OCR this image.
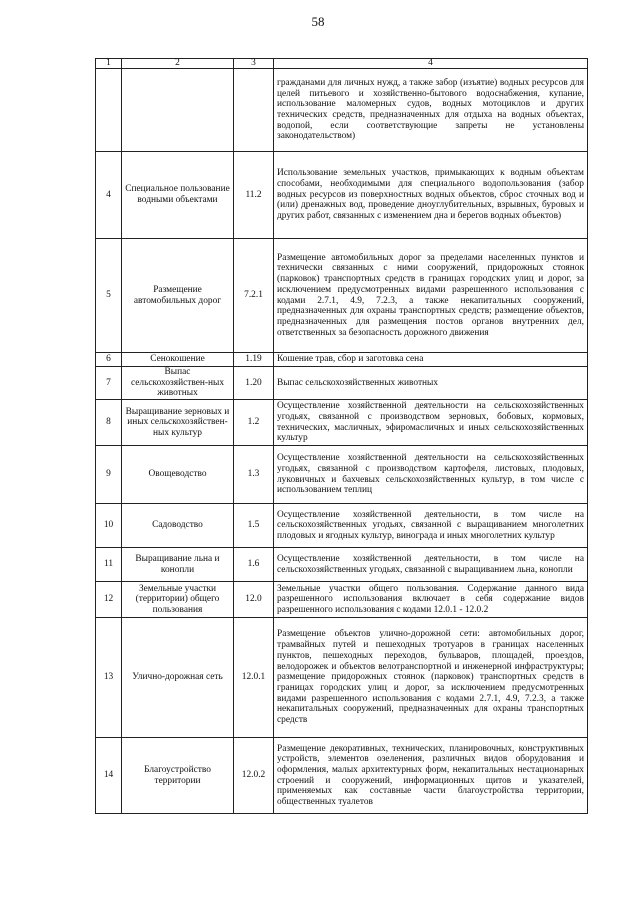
58
1	2	3	4
			гражданами для личных нужд, а также забор (изъятие) водных ресурсов для целей питьевого и хозяйственно-бытового водоснабжения, купание, использование маломерных судов, водных мотоциклов и других технических средств, предназначенных для отдыха на водных объектах, водопой, если соответствующие запреты не установлены законодательством)
4	Специальное пользование водными объектами	11.2	Использование земельных участков, примыкающих к водным объектам способами, необходимыми для специального водопользования (забор водных ресурсов из поверхностных водных объектов, сброс сточных вод и (или) дренажных вод, проведение дноуглубительных, взрывных, буровых и других работ, связанных с изменением дна и берегов водных объектов)
5	Размещение автомобильных дорог	7.2.1	Размещение автомобильных дорог за пределами населенных пунктов и технически связанных с ними сооружений, придорожных стоянок (парковок) транспортных средств в границах городских улиц и дорог, за исключением предусмотренных видами разрешенного использования с кодами 2.7.1, 4.9, 7.2.3, а также некапитальных сооружений, предназначенных для охраны транспортных средств; размещение объектов, предназначенных для размещения постов органов внутренних дел, ответственных за безопасность дорожного движения
6	Сенокошение	1.19	Кошение трав, сбор и заготовка сена
7	Выпас сельскохозяйствен-ных животных	1.20	Выпас сельскохозяйственных животных
8	Выращивание зерновых и иных сельскохозяйствен-ных культур	1.2	Осуществление хозяйственной деятельности на сельскохозяйственных угодьях, связанной с производством зерновых, бобовых, кормовых, технических, масличных, эфиромасличных и иных сельскохозяйственных культур
9	Овощеводство	1.3	Осуществление хозяйственной деятельности на сельскохозяйственных угодьях, связанной с производством картофеля, листовых, плодовых, луковичных и бахчевых сельскохозяйственных культур, в том числе с использованием теплиц
10	Садоводство	1.5	Осуществление хозяйственной деятельности, в том числе на сельскохозяйственных угодьях, связанной с выращиванием многолетних плодовых и ягодных культур, винограда и иных многолетних культур
11	Выращивание льна и конопли	1.6	Осуществление хозяйственной деятельности, в том числе на сельскохозяйственных угодьях, связанной с выращиванием льна, конопли
12	Земельные участки (территории) общего пользования	12.0	Земельные участки общего пользования. Содержание данного вида разрешенного использования включает в себя содержание видов разрешенного использования с кодами 12.0.1 - 12.0.2
13	Улично-дорожная сеть	12.0.1	Размещение объектов улично-дорожной сети: автомобильных дорог, трамвайных путей и пешеходных тротуаров в границах населенных пунктов, пешеходных переходов, бульваров, площадей, проездов, велодорожек и объектов велотранспортной и инженерной инфраструктуры; размещение придорожных стоянок (парковок) транспортных средств в границах городских улиц и дорог, за исключением предусмотренных видами разрешенного использования с кодами 2.7.1, 4.9, 7.2.3, а также некапитальных сооружений, предназначенных для охраны транспортных средств
14	Благоустройство территории	12.0.2	Размещение декоративных, технических, планировочных, конструктивных устройств, элементов озеленения, различных видов оборудования и оформления, малых архитектурных форм, некапитальных нестационарных строений и сооружений, информационных щитов и указателей, применяемых как составные части благоустройства территории, общественных туалетов
